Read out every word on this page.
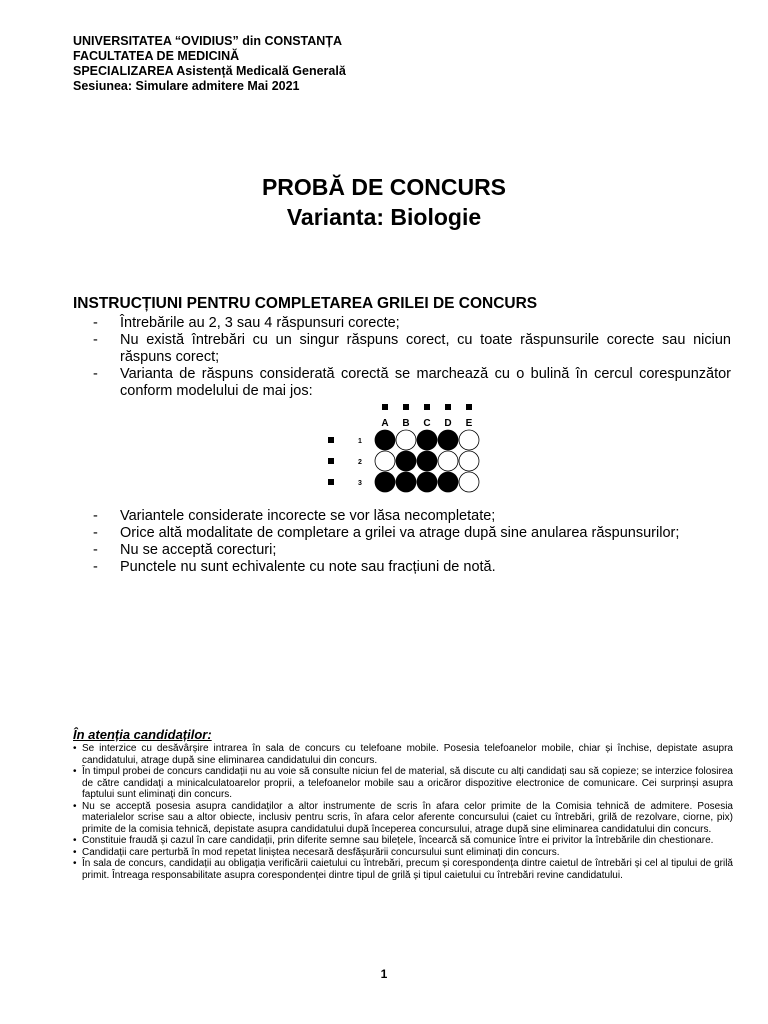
UNIVERSITATEA “OVIDIUS” din CONSTANȚA
FACULTATEA DE MEDICINĂ
SPECIALIZAREA Asistență Medicală Generală
Sesiunea: Simulare admitere Mai 2021
PROBĂ DE CONCURS
Varianta: Biologie
INSTRUCȚIUNI PENTRU COMPLETAREA GRILEI DE CONCURS
- Întrebările au 2, 3 sau 4 răspunsuri corecte;
- Nu există întrebări cu un singur răspuns corect, cu toate răspunsurile corecte sau niciun răspuns corect;
- Varianta de răspuns considerată corectă se marchează cu o bulină în cercul corespunzător conform modelului de mai jos:
A B C D E
1
2
3
- Variantele considerate incorecte se vor lăsa necompletate;
- Orice altă modalitate de completare a grilei va atrage după sine anularea răspunsurilor;
- Nu se acceptă corecturi;
- Punctele nu sunt echivalente cu note sau fracțiuni de notă.
În atenția candidaților:
• Se interzice cu desăvârșire intrarea în sala de concurs cu telefoane mobile. Posesia telefoanelor mobile, chiar și închise, depistate asupra candidatului, atrage după sine eliminarea candidatului din concurs.
• În timpul probei de concurs candidații nu au voie să consulte niciun fel de material, să discute cu alți candidați sau să copieze; se interzice folosirea de către candidați a minicalculatoarelor proprii, a telefoanelor mobile sau a oricăror dispozitive electronice de comunicare. Cei surprinși asupra faptului sunt eliminați din concurs.
• Nu se acceptă posesia asupra candidaților a altor instrumente de scris în afara celor primite de la Comisia tehnică de admitere. Posesia materialelor scrise sau a altor obiecte, inclusiv pentru scris, în afara celor aferente concursului (caiet cu întrebări, grilă de rezolvare, ciorne, pix) primite de la comisia tehnică, depistate asupra candidatului după începerea concursului, atrage după sine eliminarea candidatului din concurs.
• Constituie fraudă și cazul în care candidații, prin diferite semne sau bilețele, încearcă să comunice între ei privitor la întrebările din chestionare.
• Candidații care perturbă în mod repetat liniștea necesară desfășurării concursului sunt eliminați din concurs.
• În sala de concurs, candidații au obligația verificării caietului cu întrebări, precum și corespondența dintre caietul de întrebări și cel al tipului de grilă primit. Întreaga responsabilitate asupra corespondenței dintre tipul de grilă și tipul caietului cu întrebări revine candidatului.
1
